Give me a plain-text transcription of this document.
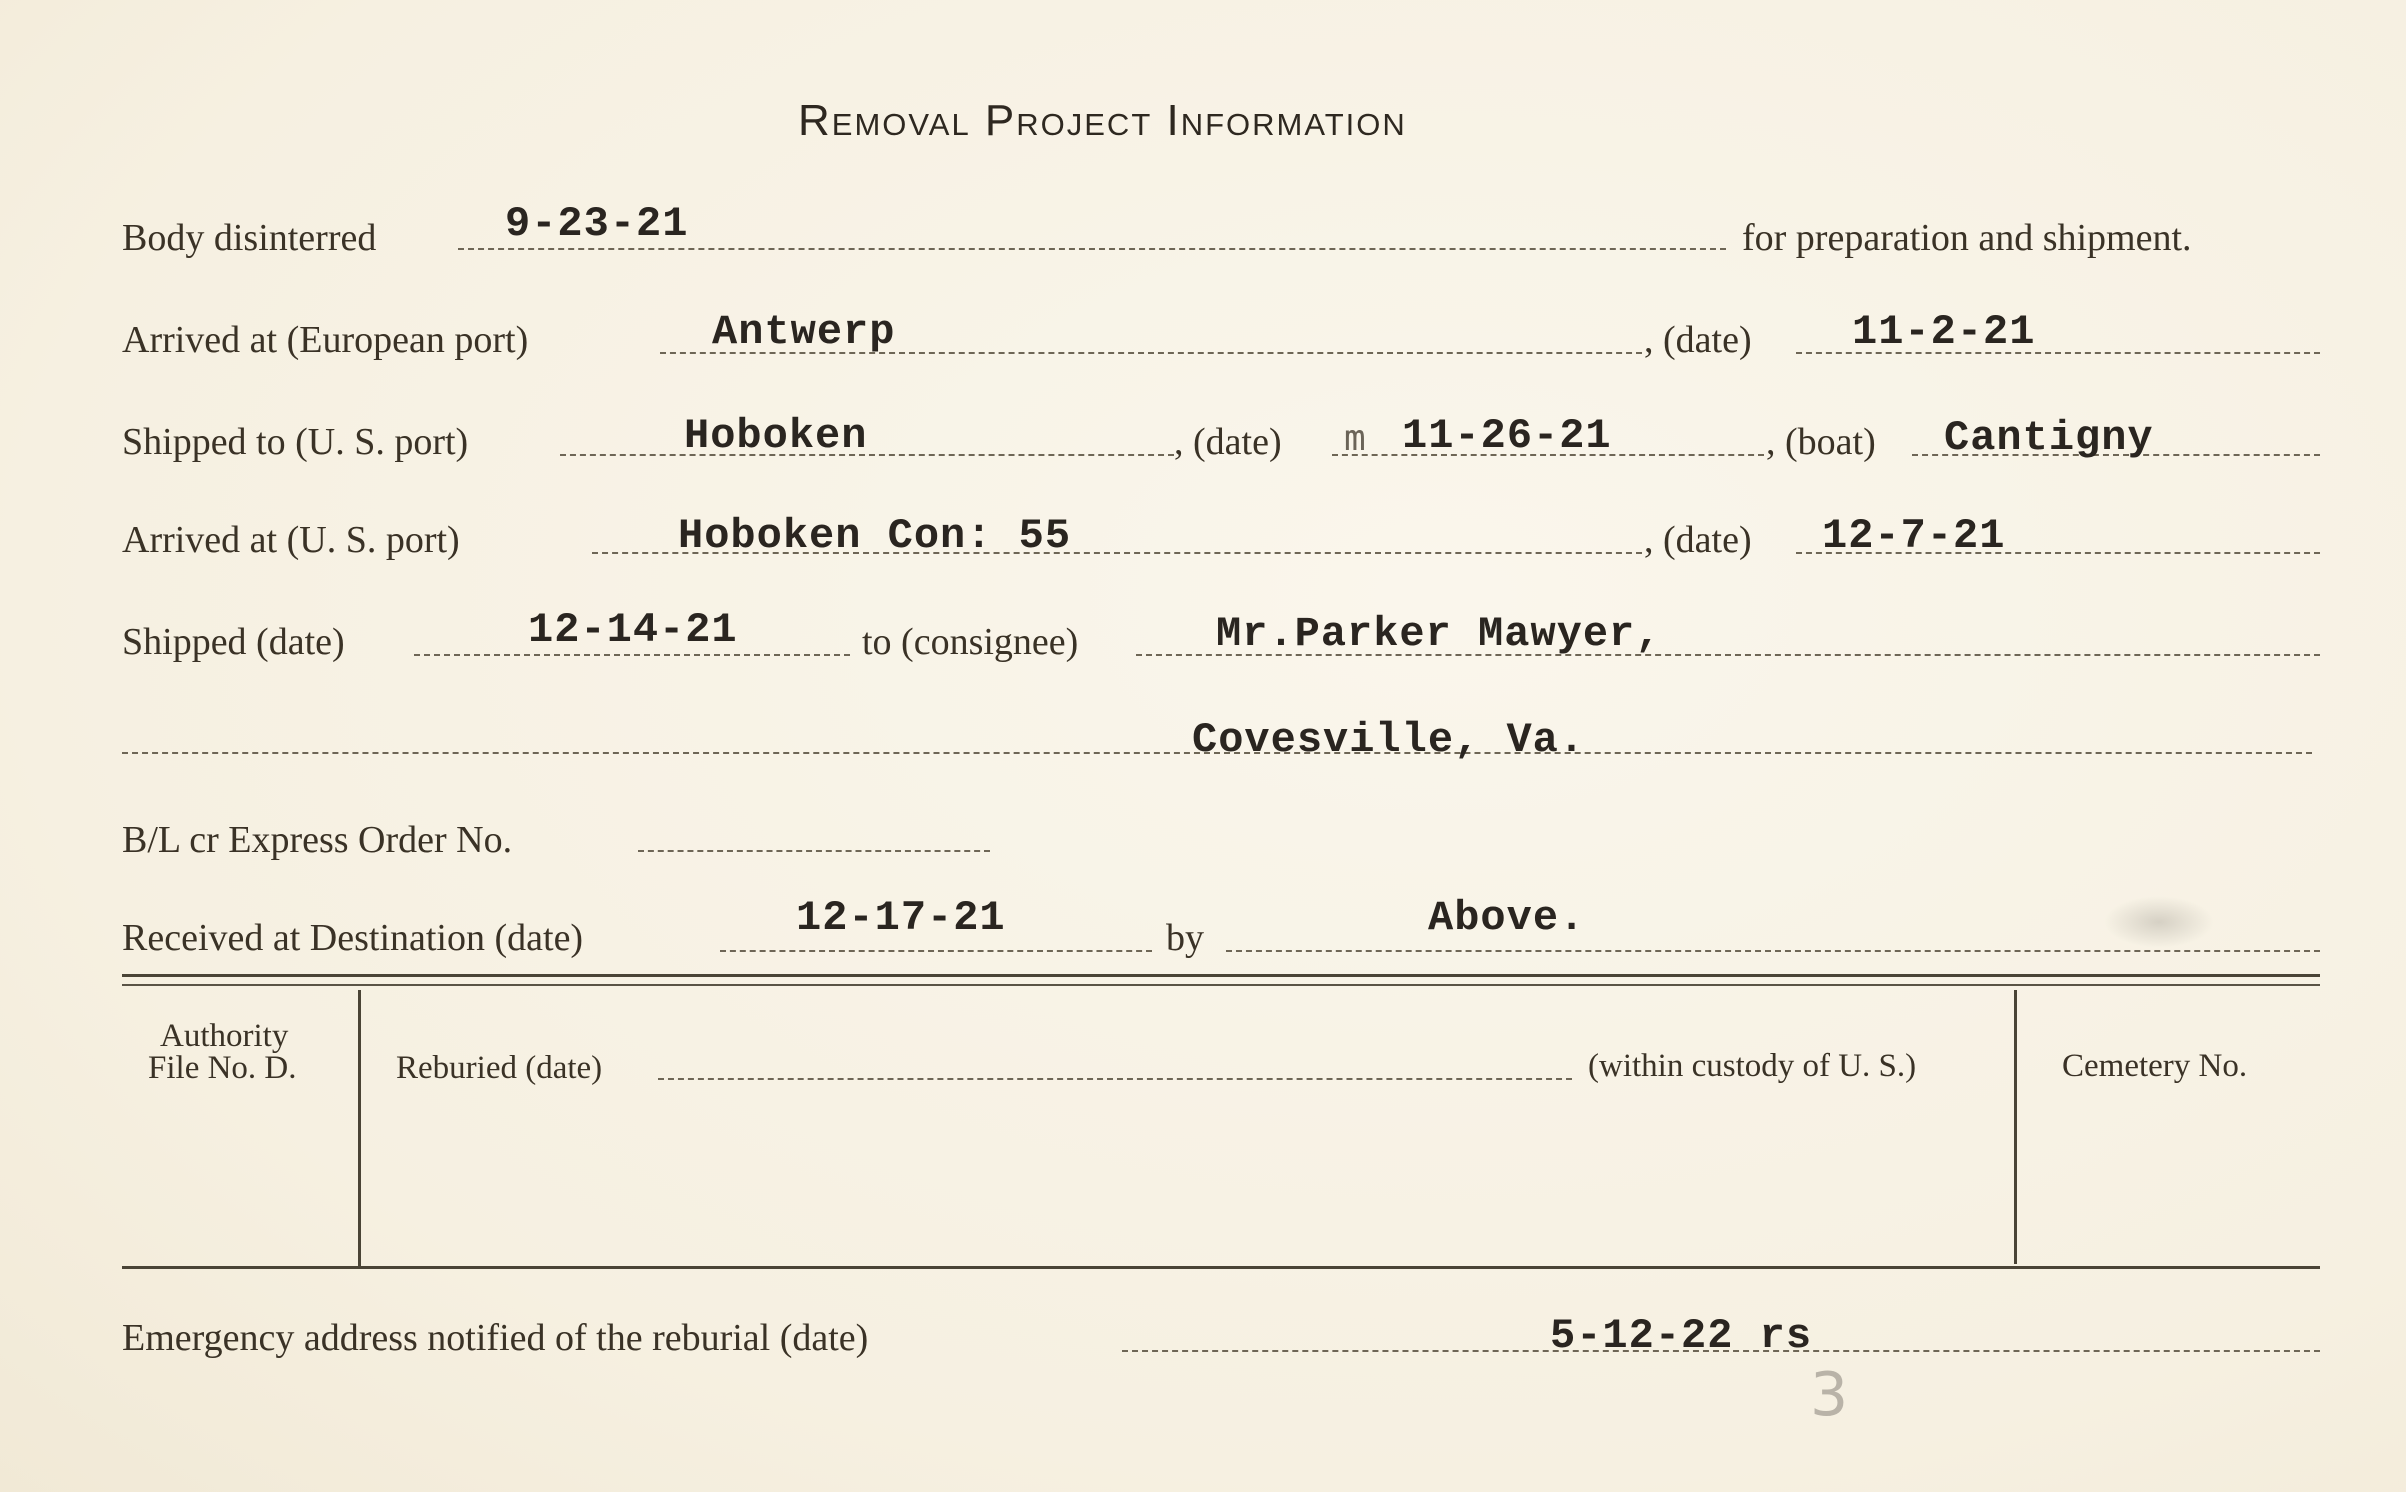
Removal Project Information
Body disinterred	9-23-21	for preparation and shipment.
Arrived at (European port)	Antwerp	, (date) 11-2-21
Shipped to (U. S. port)	Hoboken	, (date) m 11-26-21	, (boat) Cantigny
Arrived at (U. S. port)	Hoboken Con: 55	, (date) 12-7-21
Shipped (date)	12-14-21	to (consignee)	Mr.Parker Mawyer,
Covesville, Va.
B/L cr Express Order No.
Received at Destination (date)	12-17-21	by	Above.
Authority
File No. D.	Reburied (date)	(within custody of U. S.)	Cemetery No.
Emergency address notified of the reburial (date)	5-12-22 rs
3
